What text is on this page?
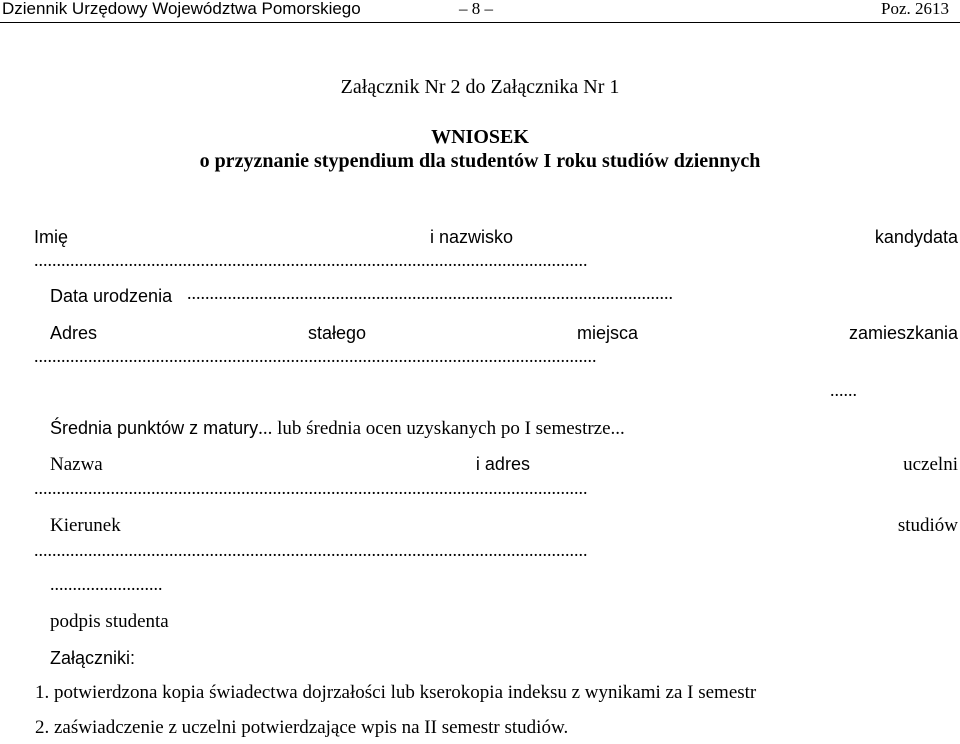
Dziennik Urzędowy Województwa Pomorskiego	– 8 –	Poz. 2613
Załącznik Nr 2 do Załącznika Nr 1
WNIOSEK
o przyznanie stypendium dla studentów I roku studiów dziennych
Imię	i nazwisko	kandydata
...........................................................................................................................
Data urodzenia ............................................................................................................
Adres	stałego	miejsca	zamieszkania
.............................................................................................................................
......
Średnia punktów z matury... lub średnia ocen uzyskanych po I semestrze...
Nazwa	i adres	uczelni
...........................................................................................................................
Kierunek	studiów
...........................................................................................................................
.........................
podpis studenta
Załączniki:
1. potwierdzona kopia świadectwa dojrzałości lub kserokopia indeksu z wynikami za I semestr
2. zaświadczenie z uczelni potwierdzające wpis na II semestr studiów.
